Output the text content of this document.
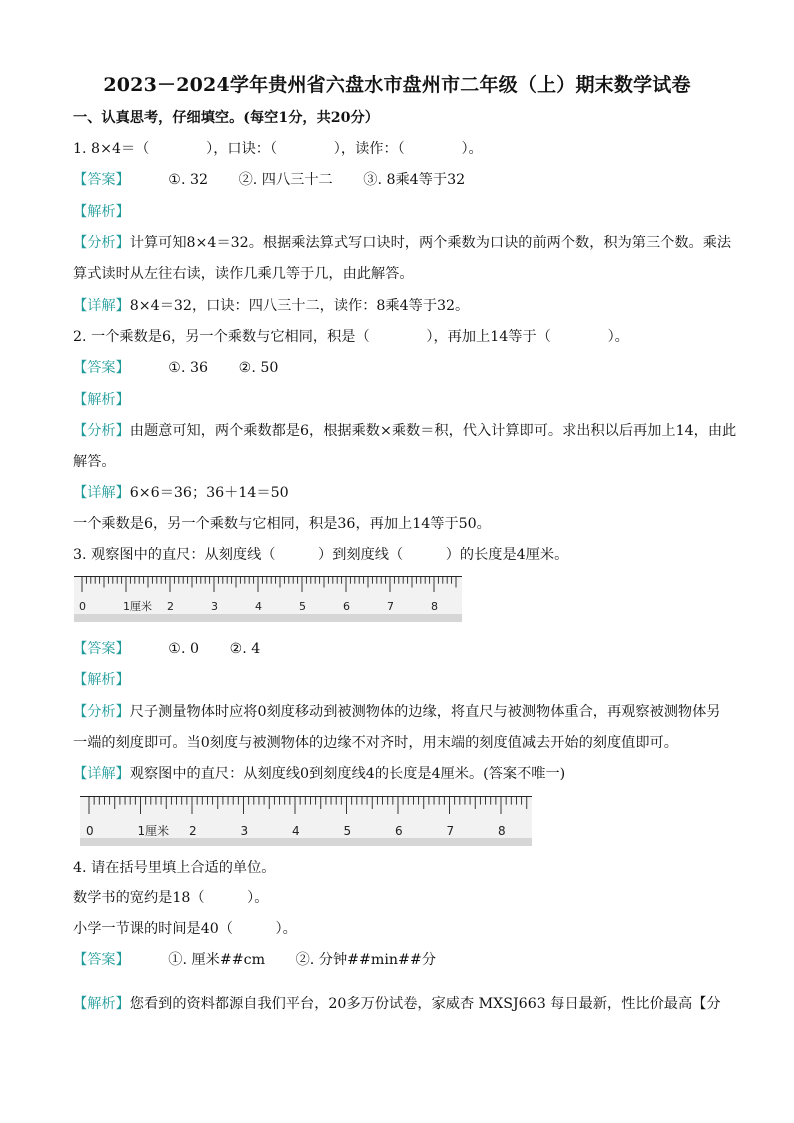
2023－2024学年贵州省六盘水市盘州市二年级（上）期末数学试卷
一、认真思考，仔细填空。(每空1分，共20分）
1. 8×4＝（　　　　），口诀：（　　　　），读作：（　　　　）。
【答案】	①. 32 ②. 四八三十二 ③. 8乘4等于32
【解析】
【分析】计算可知8×4＝32。根据乘法算式写口诀时，两个乘数为口诀的前两个数，积为第三个数。乘法
算式读时从左往右读，读作几乘几等于几，由此解答。
【详解】8×4＝32，口诀：四八三十二，读作：8乘4等于32。
2. 一个乘数是6，另一个乘数与它相同，积是（　　　　），再加上14等于（　　　　）。
【答案】	①. 36 ②. 50
【解析】
【分析】由题意可知，两个乘数都是6，根据乘数×乘数＝积，代入计算即可。求出积以后再加上14，由此
解答。
【详解】6×6＝36；36＋14＝50
一个乘数是6，另一个乘数与它相同，积是36，再加上14等于50。
3. 观察图中的直尺：从刻度线（　　　）到刻度线（　　　）的长度是4厘米。
0	1厘米 2	3	4	5	6	7	8
【答案】	①. 0 ②. 4
【解析】
【分析】尺子测量物体时应将0刻度移动到被测物体的边缘，将直尺与被测物体重合，再观察被测物体另
一端的刻度即可。当0刻度与被测物体的边缘不对齐时，用末端的刻度值减去开始的刻度值即可。
【详解】观察图中的直尺：从刻度线0到刻度线4的长度是4厘米。(答案不唯一)
0	1厘米 2	3	4	5	6	7	8
4. 请在括号里填上合适的单位。
数学书的宽约是18（　　　）。
小学一节课的时间是40（　　　）。
【答案】	①. 厘米##cm ②. 分钟##min##分
【解析】您看到的资料都源自我们平台，20多万份试卷，家威杏 MXSJ663 每日最新，性比价最高【分
